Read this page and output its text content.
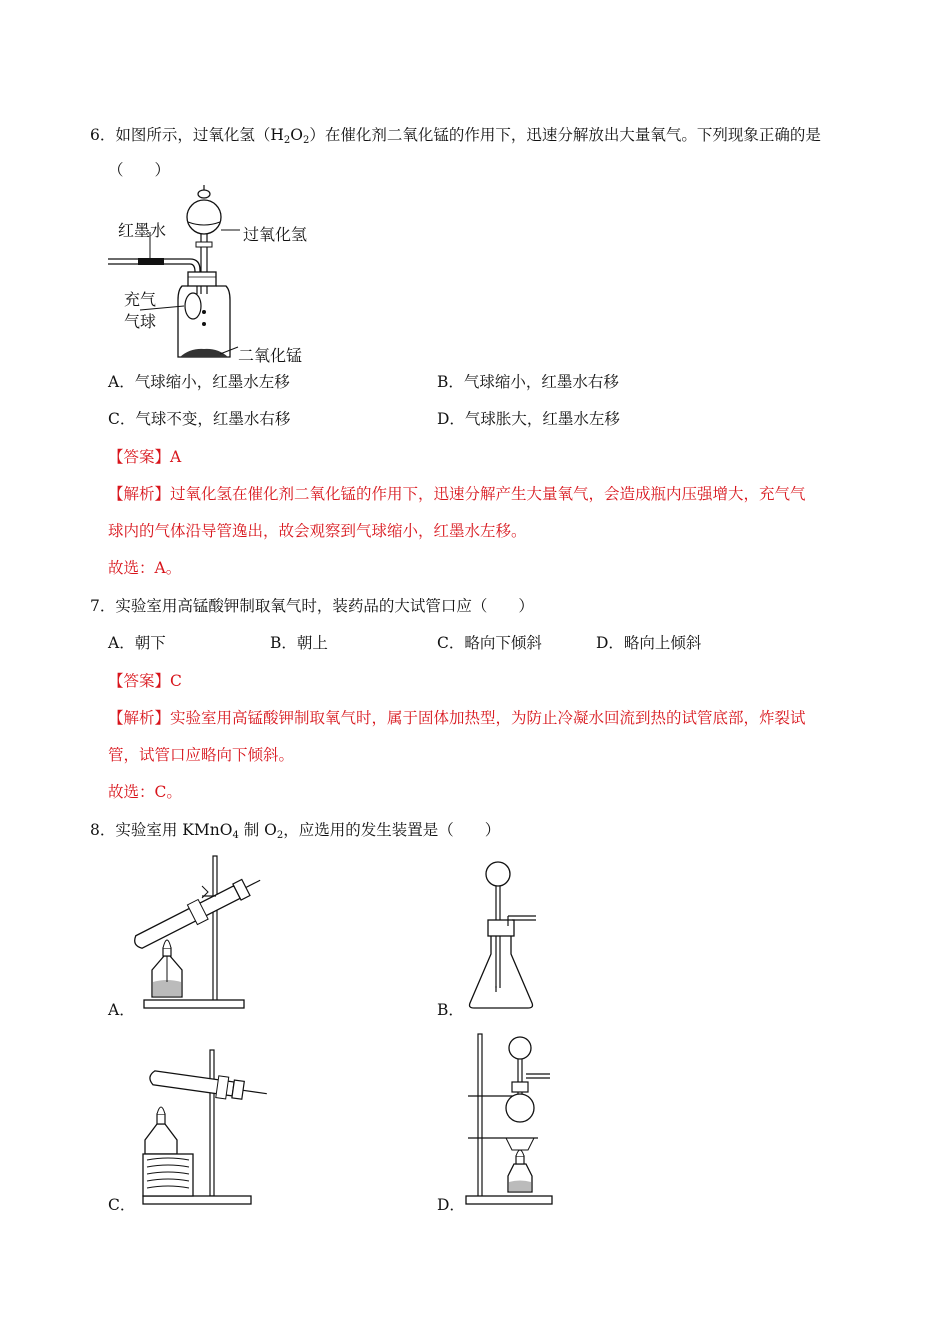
6．如图所示，过氧化氢$(H_2O_2)$在催化剂二氧化锰的作用下，迅速分解放出大量氧气。下列现象正确的是
（　　）
红墨水	过氧化氢
充气
气球
二氧化锰
A．气球缩小，红墨水左移	B．气球缩小，红墨水右移
C．气球不变，红墨水右移	D．气球胀大，红墨水左移
【答案】A
【解析】过氧化氢在催化剂二氧化锰的作用下，迅速分解产生大量氧气，会造成瓶内压强增大，充气气
球内的气体沿导管逸出，故会观察到气球缩小，红墨水左移。
故选：A。
7．实验室用高锰酸钾制取氧气时，装药品的大试管口应（　　）
A．朝下	B．朝上	C．略向下倾斜	D．略向上倾斜
【答案】C
【解析】实验室用高锰酸钾制取氧气时，属于固体加热型，为防止冷凝水回流到热的试管底部，炸裂试
管，试管口应略向下倾斜。
故选：C。
8．实验室用 KMnO$_4$ 制 $O_2$，应选用的发生装置是（　　）
A．	B．
C．	D．
